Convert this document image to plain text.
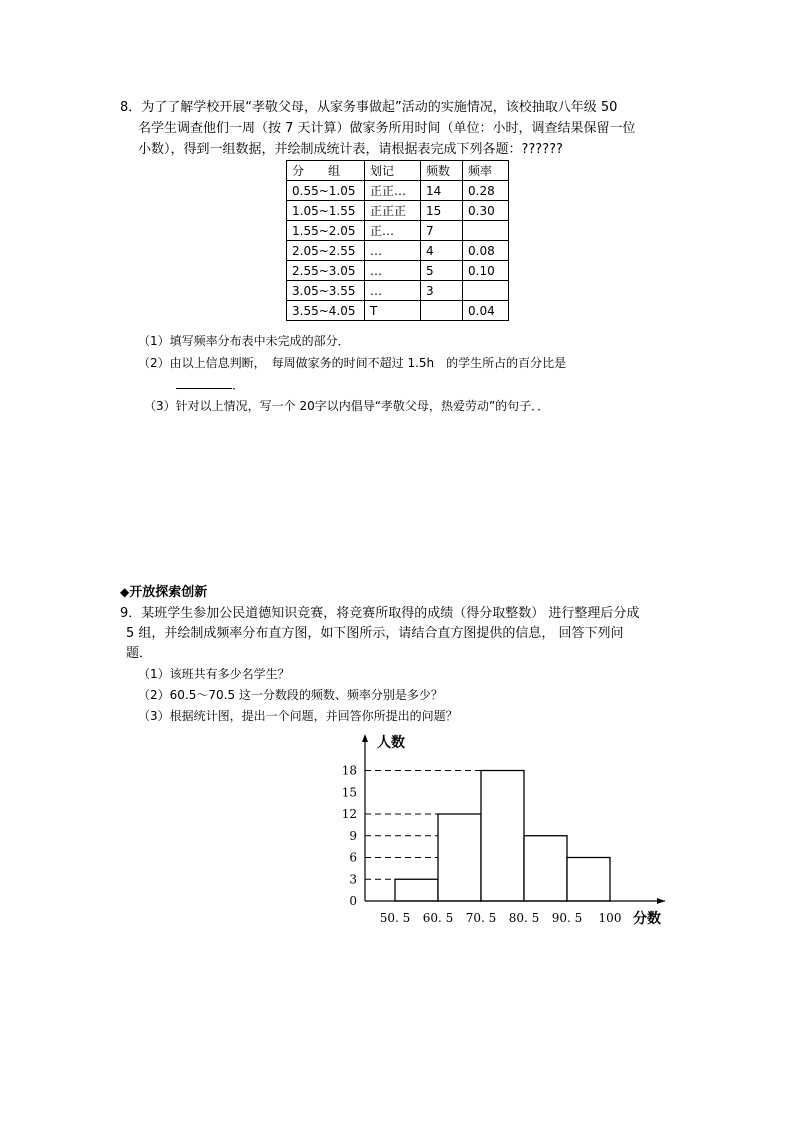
8．为了了解学校开展“孝敬父母，从家务事做起”活动的实施情况，该校抽取八年级 50
名学生调查他们一周（按 7 天计算）做家务所用时间（单位：小时，调查结果保留一位
小数），得到一组数据，并绘制成统计表，请根据表完成下列各题：??????
分　　组	划记	频数	频率
0.55~1.05	正正…	14	0.28
1.05~1.55	正正正	15	0.30
1.55~2.05	正…	7	
2.05~2.55	…	4	0.08
2.55~3.05	…	5	0.10
3.05~3.55	…	3	
3.55~4.05	T		0.04
（1）填写频率分布表中未完成的部分．
（2）由以上信息判断，　每周做家务的时间不超过 1.5h　的学生所占的百分比是
．
（3）针对以上情况，写一个 20字以内倡导“孝敬父母，热爱劳动”的句子．．
◆开放探索创新
9．某班学生参加公民道德知识竞赛，将竞赛所取得的成绩（得分取整数） 进行整理后分成
5 组，并绘制成频率分布直方图，如下图所示，请结合直方图提供的信息， 回答下列问
题．
（1）该班共有多少名学生？
（2）60.5～70.5 这一分数段的频数、频率分别是多少？
（3）根据统计图，提出一个问题，并回答你所提出的问题？
0
3
6
9
12
15
18
50. 5 60. 5 70. 5 80. 5 90. 5 100
人数
分数
